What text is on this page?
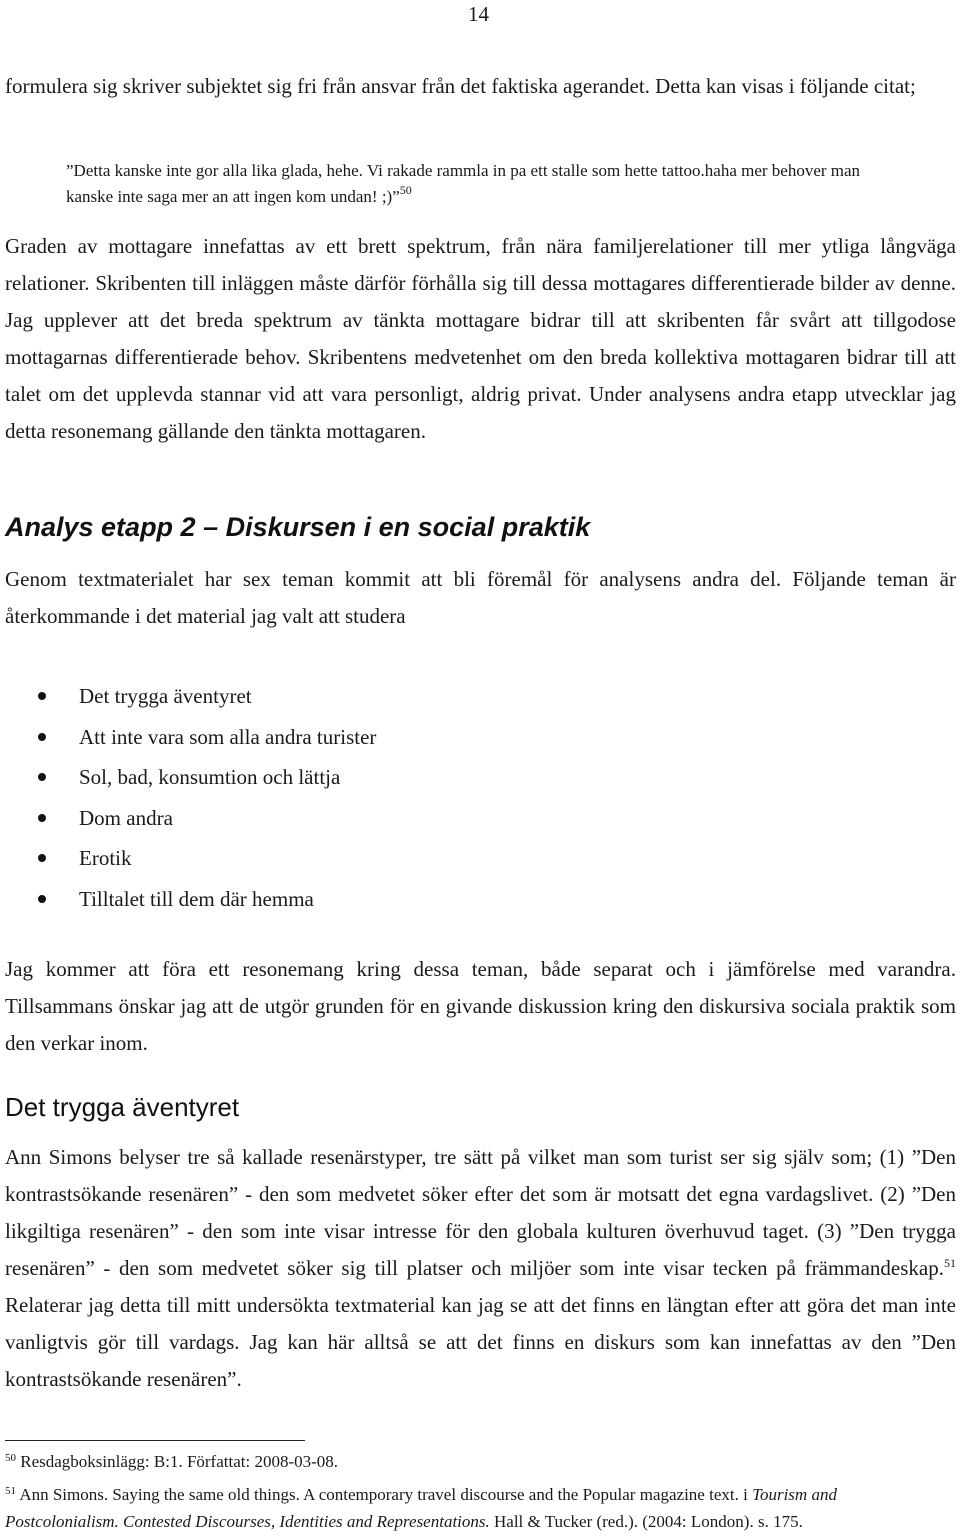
14

formulera sig skriver subjektet sig fri från ansvar från det faktiska agerandet. Detta kan visas i följande citat;

”Detta kanske inte gor alla lika glada, hehe. Vi rakade rammla in pa ett stalle som hette tattoo.haha mer behover man kanske inte saga mer an att ingen kom undan! ;)”$^{50}$

Graden av mottagare innefattas av ett brett spektrum, från nära familjerelationer till mer ytliga långväga relationer. Skribenten till inläggen måste därför förhålla sig till dessa mottagares differentierade bilder av denne. Jag upplever att det breda spektrum av tänkta mottagare bidrar till att skribenten får svårt att tillgodose mottagarnas differentierade behov. Skribentens medvetenhet om den breda kollektiva mottagaren bidrar till att talet om det upplevda stannar vid att vara personligt, aldrig privat. Under analysens andra etapp utvecklar jag detta resonemang gällande den tänkta mottagaren.

Analys etapp 2 – Diskursen i en social praktik

Genom textmaterialet har sex teman kommit att bli föremål för analysens andra del. Följande teman är återkommande i det material jag valt att studera

Det trygga äventyret
Att inte vara som alla andra turister
Sol, bad, konsumtion och lättja
Dom andra
Erotik
Tilltalet till dem där hemma

Jag kommer att föra ett resonemang kring dessa teman, både separat och i jämförelse med varandra. Tillsammans önskar jag att de utgör grunden för en givande diskussion kring den diskursiva sociala praktik som den verkar inom.

Det trygga äventyret

Ann Simons belyser tre så kallade resenärstyper, tre sätt på vilket man som turist ser sig själv som; (1) ”Den kontrastsökande resenären” - den som medvetet söker efter det som är motsatt det egna vardagslivet. (2) ”Den likgiltiga resenären” - den som inte visar intresse för den globala kulturen överhuvud taget. (3) ”Den trygga resenären” - den som medvetet söker sig till platser och miljöer som inte visar tecken på främmandeskap.$^{51}$ Relaterar jag detta till mitt undersökta textmaterial kan jag se att det finns en längtan efter att göra det man inte vanligtvis gör till vardags. Jag kan här alltså se att det finns en diskurs som kan innefattas av den ”Den kontrastsökande resenären”.

$^{50}$ Resdagboksinlägg: B:1. Författat: 2008-03-08.

$^{51}$ Ann Simons. Saying the same old things. A contemporary travel discourse and the Popular magazine text. i Tourism and Postcolonialism. Contested Discourses, Identities and Representations. Hall & Tucker (red.). (2004: London). s. 175.
